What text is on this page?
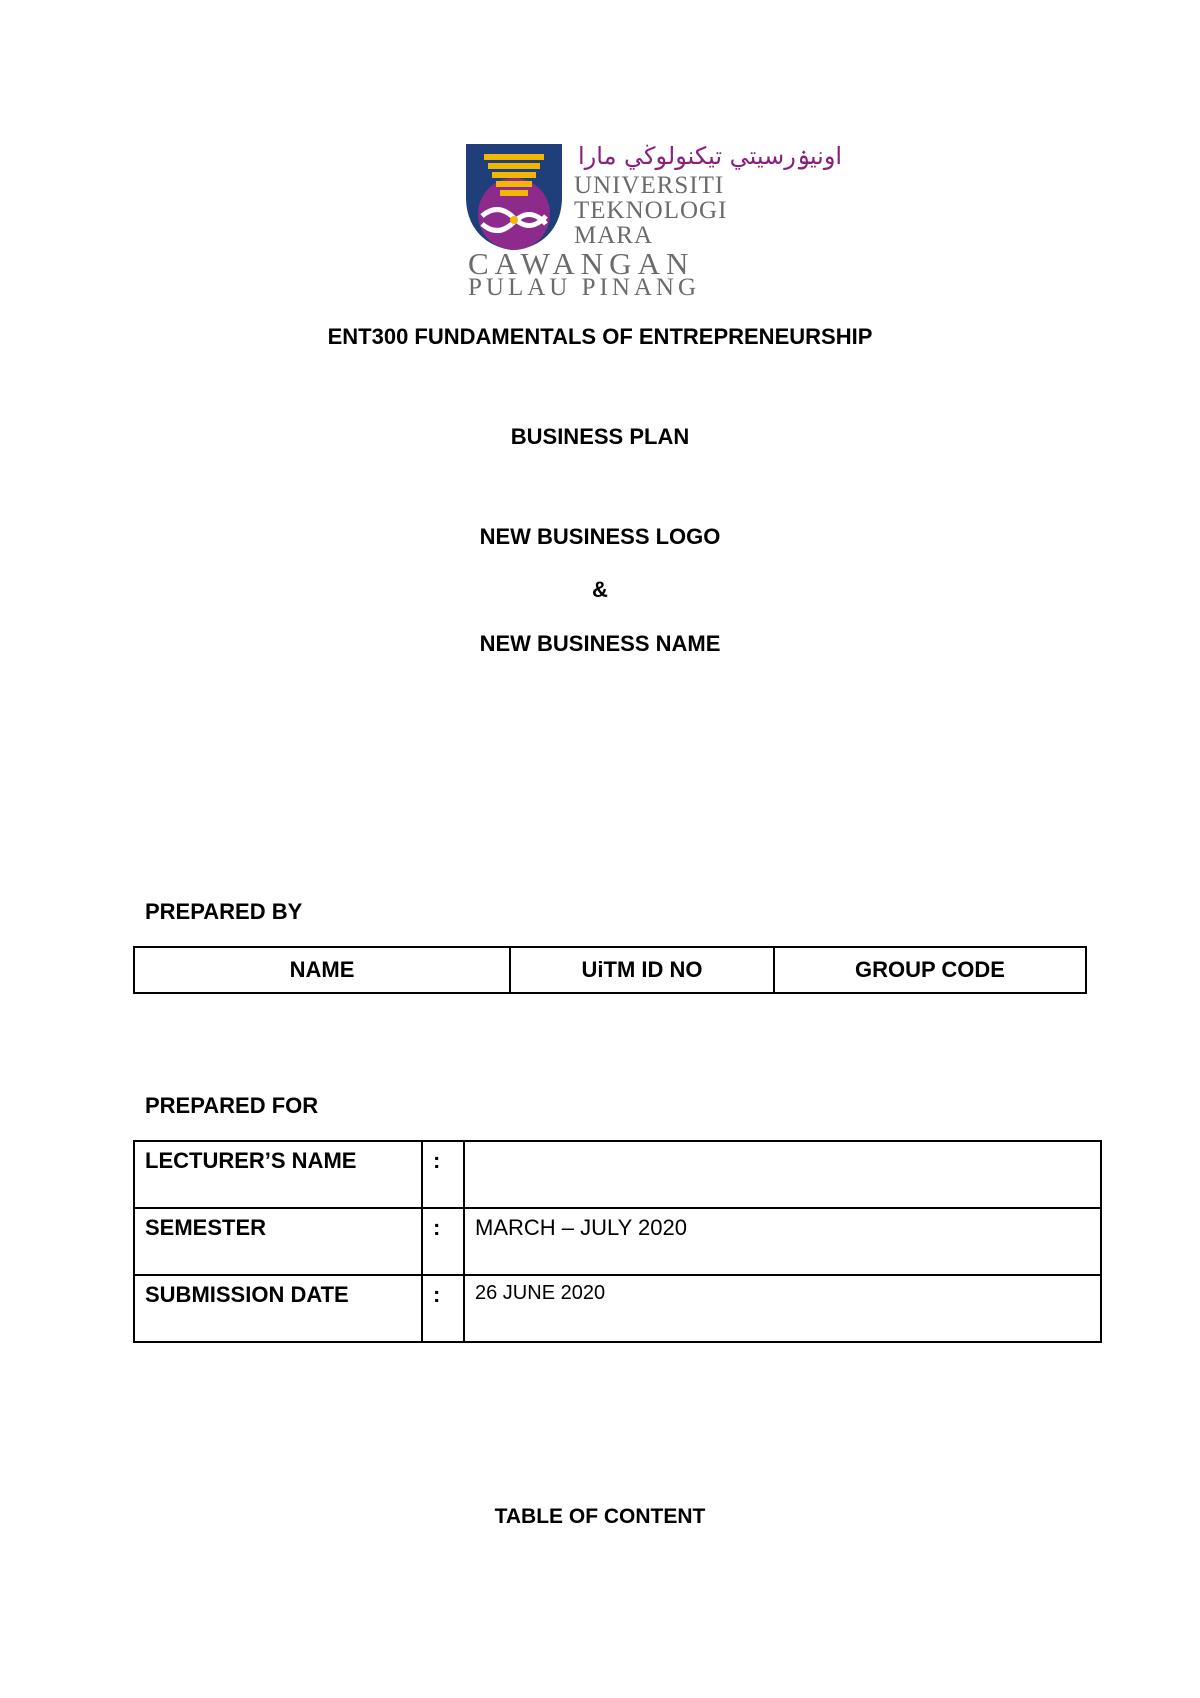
اونيۏرسيتي تيكنولوڬي مارا
UNIVERSITI
TEKNOLOGI
MARA
CAWANGAN
PULAU PINANG
ENT300 FUNDAMENTALS OF ENTREPRENEURSHIP
BUSINESS PLAN
NEW BUSINESS LOGO
&
NEW BUSINESS NAME
PREPARED BY
NAME	UiTM ID NO	GROUP CODE
PREPARED FOR
LECTURER’S NAME	:	
SEMESTER	:	MARCH – JULY 2020
SUBMISSION DATE	:	26 JUNE 2020
TABLE OF CONTENT
